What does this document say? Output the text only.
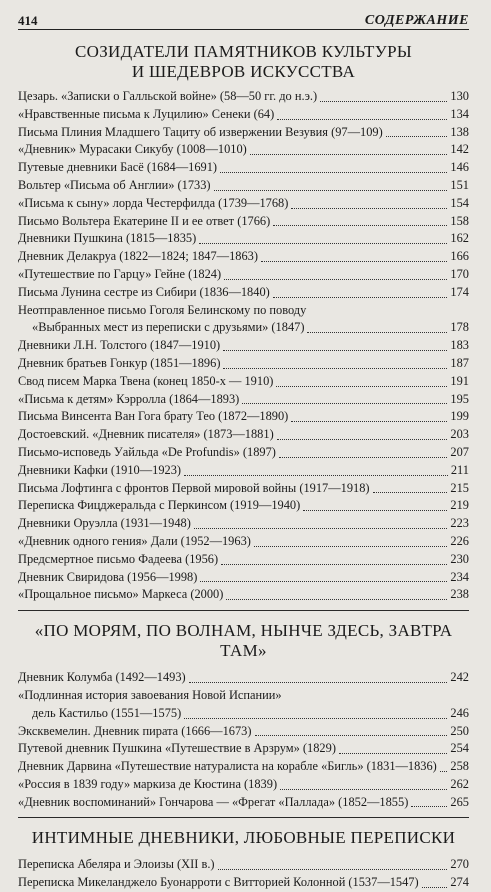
414	СОДЕРЖАНИЕ
СОЗИДАТЕЛИ ПАМЯТНИКОВ КУЛЬТУРЫ
И ШЕДЕВРОВ ИСКУССТВА
Цезарь. «Записки о Галльской войне» (58—50 гг. до н.э.)	130
«Нравственные письма к Луцилию» Сенеки (64)	134
Письма Плиния Младшего Тациту об извержении Везувия (97—109)	138
«Дневник» Мурасаки Сикубу (1008—1010)	142
Путевые дневники Басё (1684—1691)	146
Вольтер «Письма об Англии» (1733)	151
«Письма к сыну» лорда Честерфилда (1739—1768)	154
Письмо Вольтера Екатерине II и ее ответ (1766)	158
Дневники Пушкина (1815—1835)	162
Дневник Делакруа (1822—1824; 1847—1863)	166
«Путешествие по Гарцу» Гейне (1824)	170
Письма Лунина сестре из Сибири (1836—1840)	174
Неотправленное письмо Гоголя Белинскому по поводу
«Выбранных мест из переписки с друзьями» (1847)	178
Дневники Л.Н. Толстого (1847—1910)	183
Дневник братьев Гонкур (1851—1896)	187
Свод писем Марка Твена (конец 1850-х — 1910)	191
«Письма к детям» Кэрролла (1864—1893)	195
Письма Винсента Ван Гога брату Тео (1872—1890)	199
Достоевский. «Дневник писателя» (1873—1881)	203
Письмо-исповедь Уайльда «De Profundis» (1897)	207
Дневники Кафки (1910—1923)	211
Письма Лофтинга с фронтов Первой мировой войны (1917—1918)	215
Переписка Фицджеральда с Перкинсом (1919—1940)	219
Дневники Оруэлла (1931—1948)	223
«Дневник одного гения» Дали (1952—1963)	226
Предсмертное письмо Фадеева (1956)	230
Дневник Свиридова (1956—1998)	234
«Прощальное письмо» Маркеса (2000)	238
«ПО МОРЯМ, ПО ВОЛНАМ, НЫНЧЕ ЗДЕСЬ, ЗАВТРА ТАМ»
Дневник Колумба (1492—1493)	242
«Подлинная история завоевания Новой Испании»
дель Кастильо (1551—1575)	246
Эксквемелин. Дневник пирата (1666—1673)	250
Путевой дневник Пушкина «Путешествие в Арзрум» (1829)	254
Дневник Дарвина «Путешествие натуралиста на корабле «Бигль» (1831—1836) 258
«Россия в 1839 году» маркиза де Кюстина (1839)	262
«Дневник воспоминаний» Гончарова — «Фрегат «Паллада» (1852—1855)	265
ИНТИМНЫЕ ДНЕВНИКИ, ЛЮБОВНЫЕ ПЕРЕПИСКИ
Переписка Абеляра и Элоизы (XII в.)	270
Переписка Микеланджело Буонарроти с Витторией Колонной (1537—1547)	274
